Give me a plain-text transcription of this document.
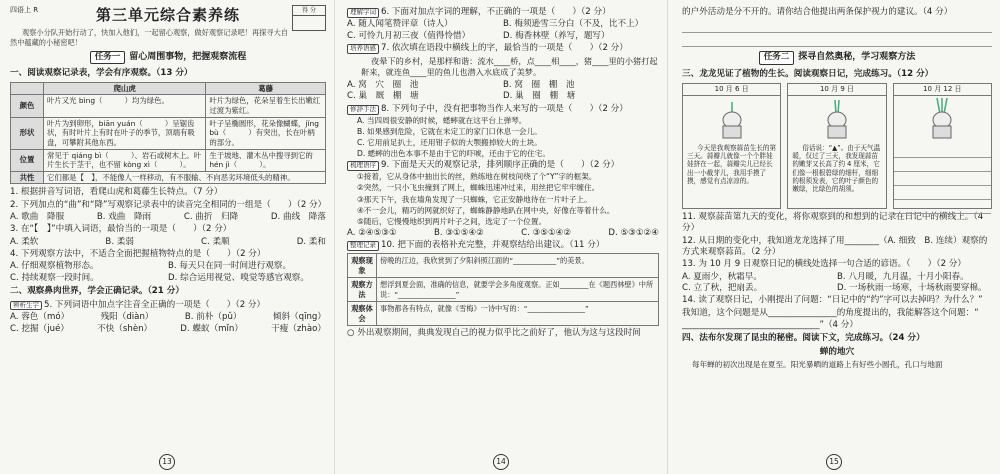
四语上 R	第三单元综合素养练	得 分
观察小分队开始行动了，快加入他们，一起留心观察，做好观察记录吧！再探寻大自然中蕴藏的小秘密吧！
任务一	留心周围事物，把握观察流程
一、阅读观察记录表，学会有序观察。（13 分）
	爬山虎	葛藤
颜色	叶片又光 bìng（　　　）均为绿色。	叶片为绿色，花朵呈着生长出嫩红过渡为紫红。
形状	叶片为到卵形，biān yuán（　　　）呈锯齿状，有时叶片上有时在叶子的季节，顶端有吸盘，可攀附其他东西。	叶子呈椭圆形，花朵像蝴蝶，jǐng bù（　　　）有突出，长在叶柄的部分。
位置	常见于 qiáng bì（　　　）、岩石或树木上。叶片生长于茎干，也不留 kòng xì（　　　）。	生于坡地、灌木丛中搜寻到它的 hén jì（　　　）。
共性	它们都是【　】，不能像人一样移动，有不服输、不向恶劣环境低头的精神。	
1. 根据拼音写词语，看爬山虎和葛藤生长特点。（7 分）
2. 下列加点的“曲”和“降”写观察记录表中的读音完全相同的一组是（　　）（2 分）
A. 歌曲　降服	B. 戏曲　降雨	C. 曲折　归降	D. 曲线　降落
3. 在“【　】”中填入词语，最恰当的一项是（　　）（2 分）
A. 柔软	B. 柔弱	C. 柔顺	D. 柔和
4. 下列观察方法中，不适合全面把握植物特点的是（　　）（2 分）
A. 仔细观察植物形态。	B. 每天只在同一时间进行观察。
C. 持续观察一段时间。	D. 综合运用视觉、嗅觉等感官观察。
二、观察鼻肉世界，学会正确记录。（21 分）
辨析生字 5. 下列词语中加点字注音全正确的一项是（　　）（2 分）
A. 蓉色（mó）	残阳（diàn）	B. 前朴（pǔ）	倾斜（qīng）
C. 挖掘（jué）	不快（shèn）	D. 蝶蚁（mǐn）	干瘦（zhào）
13
理解字词 6. 下面对加点字词的理解，不正确的一项是（　　）（2 分）
A. 随人闻笔赞评章（诗人）	B. 梅须逊雪三分白（不及，比不上）
C. 可怜九月初三夜（值得怜惜）	D. 梅香林壁（养写，题写）
培养语感 7. 依次填在语段中横线上的字，最恰当的一项是（　　）（2 分）
夜晕下的乡村，是那样和谐：流水____桥，点____相____，猪____里的小猪打起鼾来，就连鱼____里的鱼儿也潜入水底成了美梦。
A. 窝　穴　圈　池	B. 窝　圈　棚　池
C. 巢　厩　棚　塘	D. 巢　圈　棚　塘
修辞手法 8. 下列句子中，没有把事物当作人来写的一项是（　　）（2 分）
A. 当四周很安静的时候，蟋蟀就在这平台上弹琴。
B. 如果感到危险，它就在未定工的家门口休息一会儿。
C. 它用前足扒土，还用钳子似的大颚搬掉较大的土块。
D. 蟋蟀的出色本事不是由于它的吓唬，还由于它的住宅。
梳理语序 9. 下面是天天的观察记录，排列顺序正确的是（　　）（2 分）
①接着，它从身体中抽出长的丝，熟练地在树枝间绕了个“Y”字的框架。
②突然，一只小飞虫撞到了网上，蜘蛛迅速冲过来，用丝把它牢牢缠住。
③那天下午，我在墙角发现了一只蜘蛛，它正安静地待在一片叶子上。
④不一会儿，精巧的网就织好了，蜘蛛静静地趴在网中央，好像在等着什么。
⑤随后，它慢慢地织到两片叶子之间，选定了一个位置。
A. ②④⑤③①	B. ③①⑤④②	C. ③⑤①④②	D. ⑤③①②④
整理记录 10. 把下面的表格补充完整，并观察结给出建议。（11 分）
观察现象	傍晚的江边，我欣赏到了夕阳斜照江面的“____________”的美景。
观察方法	想浮到夏会面，准确的信息，就要学会多角度观察。正如________在《题西林壁》中所说：“________________”
观察体会	事物都各有特点，就像《雪梅》一诗中写的：“________________”
○ 外出观察期间，典典发现自己的视力似乎比之前好了，他认为这与这段时间
14
的户外活动是分不开的。请你结合他提出两条保护视力的建议。（4 分）
任务二	探寻自然奥秘，学习观察方法
三、龙龙见证了植物的生长。阅读观察日记，完成练习。（12 分）
10 月 6 日
今天是我观察蒜苗生长的第三天。蒜瓣儿就像一个个胖娃娃挤在一起，蒜瓣尖儿已经长出一小截芽儿，我用手摸了摸，感觉有点凉凉的。
10 月 9 日
俗话说：“▲”。由于天气温暖，仅过了三天，我发现蒜苗的嫩芽又长高了约 4 厘米，它们像一根根碧绿的细杆，细细的根须发表，它的叶子颜色的嫩绿，比绿色的胡须。
10 月 12 日
11. 观察蒜苗第九天的变化，将你观察到的和想到的记录在日记中的横线上。（4 分）
12. 从日期的变化中，我知道龙龙选择了用________（A. 细致　B. 连续）观察的方式来观察蒜苗。（2 分）
13. 为 10 月 9 日观察日记的横线处选择一句合适的谚语。（　　）（2 分）
A. 夏雨少，秋霜早。	B. 八月暖，九月温，十月小阳春。
C. 立了秋，把扇丢。	D. 一场秋雨一场寒，十场秋雨要穿棉。
14. 读了观察日记，小刚提出了问题：“日记中的“约”字可以去掉吗？为什么？”
我知道，这个问题是从________________的角度提出的，我能解答这个问题：“
________________________________”（4 分）
四、法布尔发现了昆虫的秘密。阅读下文，完成练习。（24 分）
蝉的地穴
每年蝉的初次出现是在夏至。阳光暴晒的道路上有好些小圆孔，孔口与地面
15
